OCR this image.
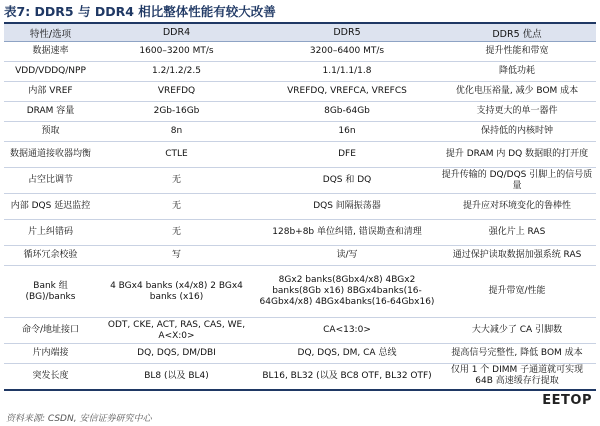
表7: DDR5 与 DDR4 相比整体性能有较大改善
特性/选项	DDR4	DDR5	DDR5 优点
数据速率	1600–3200 MT/s	3200–6400 MT/s	提升性能和带宽
VDD/VDDQ/NPP	1.2/1.2/2.5	1.1/1.1/1.8	降低功耗
内部 VREF	VREFDQ	VREFDQ, VREFCA, VREFCS	优化电压裕量, 减少 BOM 成本
DRAM 容量	2Gb-16Gb	8Gb-64Gb	支持更大的单一器件
预取	8n	16n	保持低的内核时钟
数据通道接收器均衡	CTLE	DFE	提升 DRAM 内 DQ 数据眼的打开度
占空比调节	无	DQS 和 DQ	提升传输的 DQ/DQS 引脚上的信号质量
内部 DQS 延迟监控	无	DQS 间隔振荡器	提升应对环境变化的鲁棒性
片上纠错码	无	128b+8b 单位纠错, 错误勘查和清理	强化片上 RAS
循环冗余校验	写	读/写	通过保护读取数据加强系统 RAS
Bank 组 (BG)/banks	4 BGx4 banks (x4/x8) 2 BGx4 banks (x16)	8Gx2 banks(8Gbx4/x8) 4BGx2 banks(8Gb x16) 8BGx4banks(16-64Gbx4/x8) 4BGx4banks(16-64Gbx16)	提升带宽/性能
命令/地址接口	ODT, CKE, ACT, RAS, CAS, WE, A<X:0>	CA<13:0>	大大减少了 CA 引脚数
片内端接	DQ, DQS, DM/DBI	DQ, DQS, DM, CA 总线	提高信号完整性, 降低 BOM 成本
突发长度	BL8 (以及 BL4)	BL16, BL32 (以及 BC8 OTF, BL32 OTF)	仅用 1 个 DIMM 子通道就可实现 64B 高速缓存行提取
EETOP
资料来源: CSDN, 安信证券研究中心
